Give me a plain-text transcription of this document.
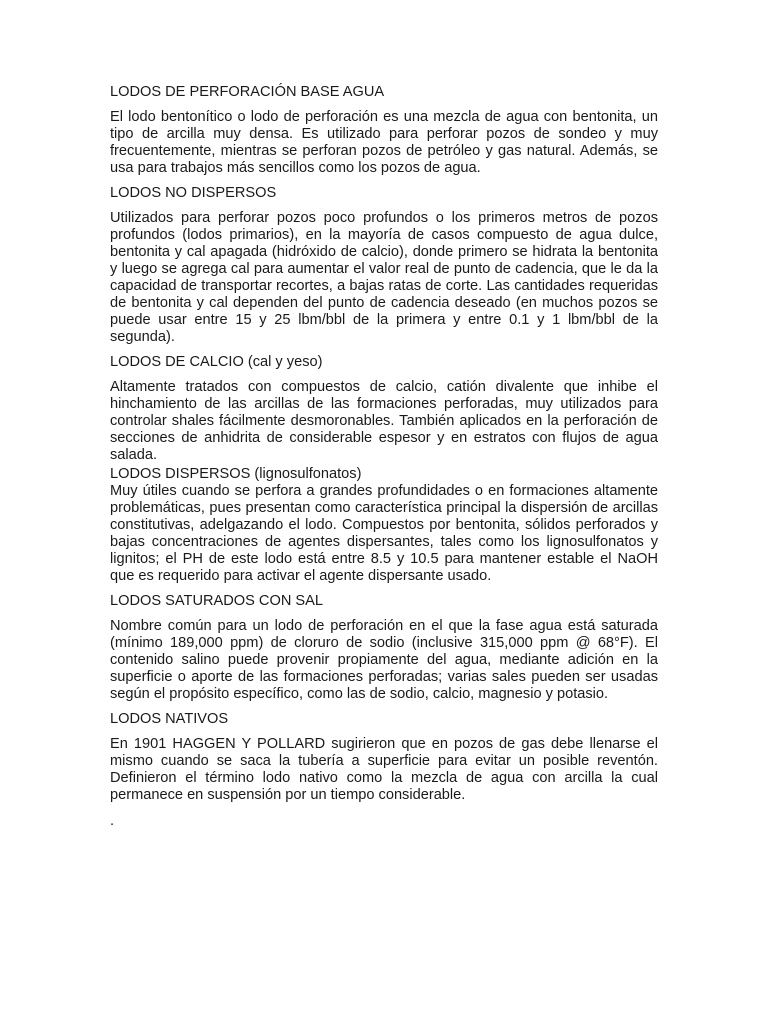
LODOS DE PERFORACIÓN BASE AGUA

El lodo bentonítico o lodo de perforación es una mezcla de agua con bentonita, un tipo de arcilla muy densa. Es utilizado para perforar pozos de sondeo y muy frecuentemente, mientras se perforan pozos de petróleo y gas natural. Además, se usa para trabajos más sencillos como los pozos de agua.

LODOS NO DISPERSOS

Utilizados para perforar pozos poco profundos o los primeros metros de pozos profundos (lodos primarios), en la mayoría de casos compuesto de agua dulce, bentonita y cal apagada (hidróxido de calcio), donde primero se hidrata la bentonita y luego se agrega cal para aumentar el valor real de punto de cadencia, que le da la capacidad de transportar recortes, a bajas ratas de corte. Las cantidades requeridas de bentonita y cal dependen del punto de cadencia deseado (en muchos pozos se puede usar entre 15 y 25 lbm/bbl de la primera y entre 0.1 y 1 lbm/bbl de la segunda).

LODOS DE CALCIO (cal y yeso)

Altamente tratados con compuestos de calcio, catión divalente que inhibe el hinchamiento de las arcillas de las formaciones perforadas, muy utilizados para controlar shales fácilmente desmoronables. También aplicados en la perforación de secciones de anhidrita de considerable espesor y en estratos con flujos de agua salada.

LODOS DISPERSOS (lignosulfonatos)

Muy útiles cuando se perfora a grandes profundidades o en formaciones altamente problemáticas, pues presentan como característica principal la dispersión de arcillas constitutivas, adelgazando el lodo. Compuestos por bentonita, sólidos perforados y bajas concentraciones de agentes dispersantes, tales como los lignosulfonatos y lignitos; el PH de este lodo está entre 8.5 y 10.5 para mantener estable el NaOH que es requerido para activar el agente dispersante usado.

LODOS SATURADOS CON SAL

Nombre común para un lodo de perforación en el que la fase agua está saturada (mínimo 189,000 ppm) de cloruro de sodio (inclusive 315,000 ppm @ 68°F). El contenido salino puede provenir propiamente del agua, mediante adición en la superficie o aporte de las formaciones perforadas; varias sales pueden ser usadas según el propósito específico, como las de sodio, calcio, magnesio y potasio.

LODOS NATIVOS

En 1901 HAGGEN Y POLLARD sugirieron que en pozos de gas debe llenarse el mismo cuando se saca la tubería a superficie para evitar un posible reventón. Definieron el término lodo nativo como la mezcla de agua con arcilla la cual permanece en suspensión por un tiempo considerable.

.
